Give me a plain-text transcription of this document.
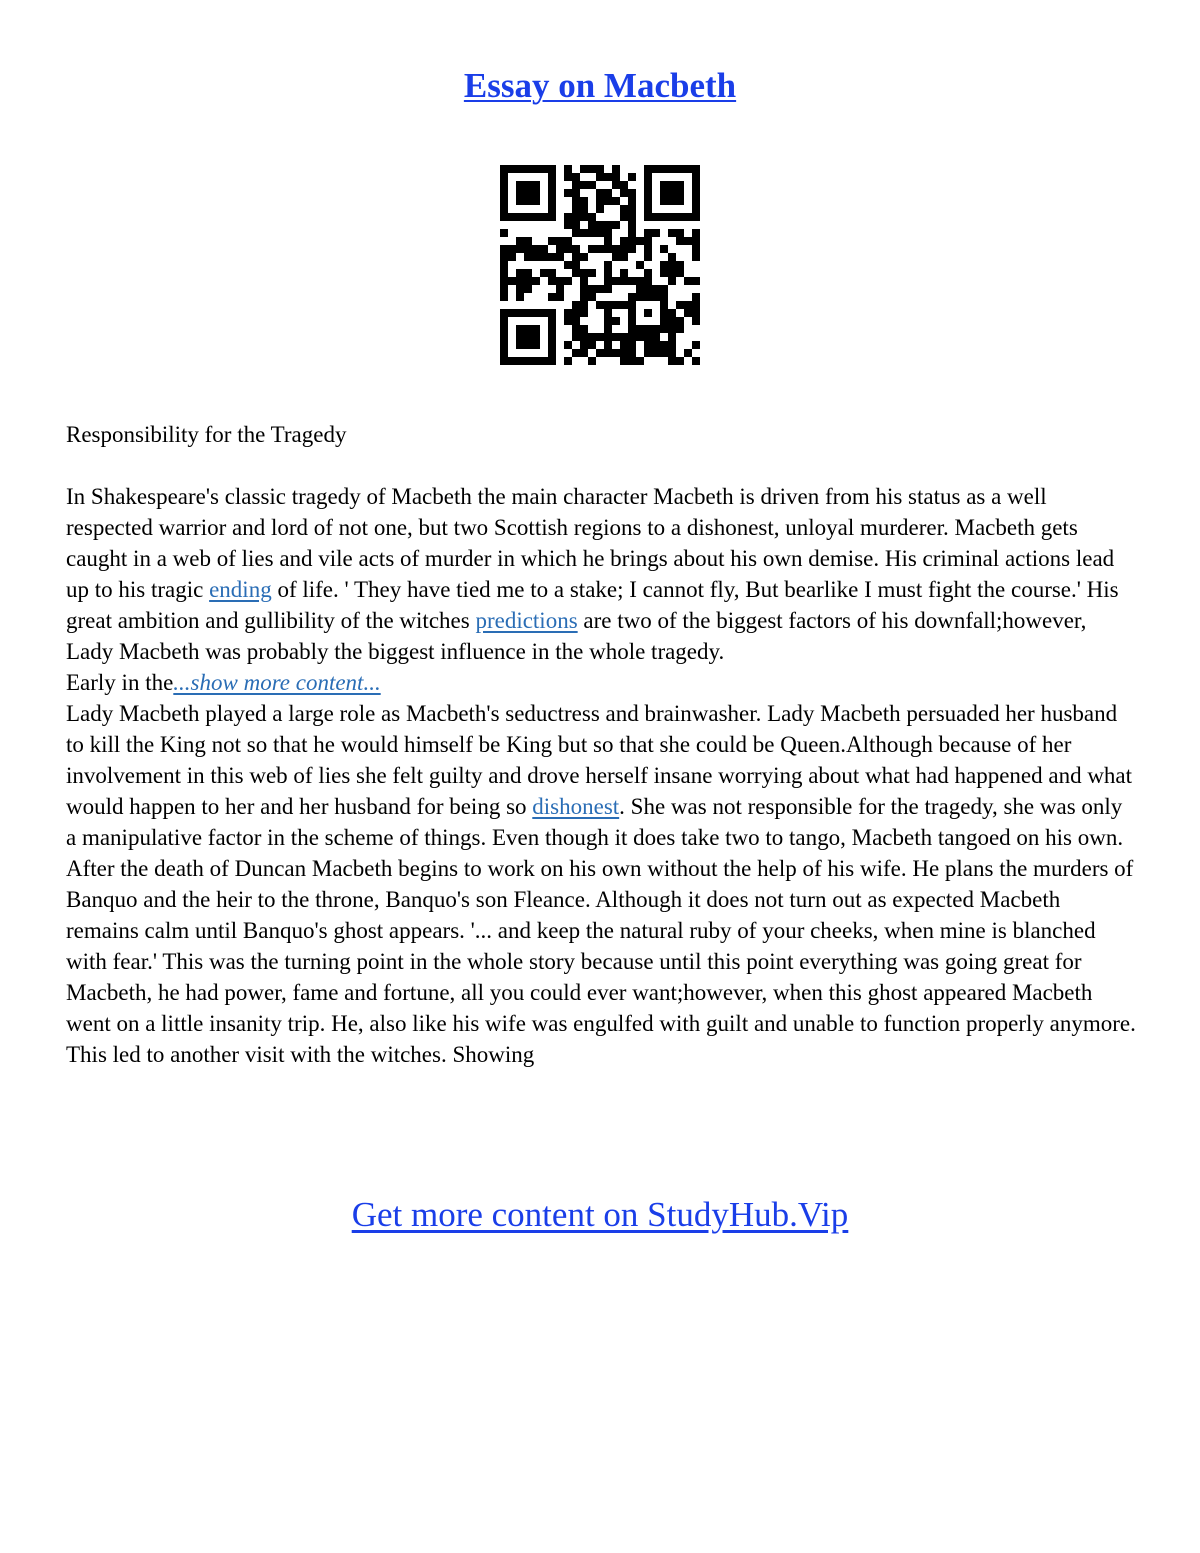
Essay on Macbeth

Responsibility for the Tragedy

In Shakespeare's classic tragedy of Macbeth the main character Macbeth is driven from his status as a well respected warrior and lord of not one, but two Scottish regions to a dishonest, unloyal murderer. Macbeth gets caught in a web of lies and vile acts of murder in which he brings about his own demise. His criminal actions lead up to his tragic ending of life. ' They have tied me to a stake; I cannot fly, But bearlike I must fight the course.' His great ambition and gullibility of the witches predictions are two of the biggest factors of his downfall;however, Lady Macbeth was probably the biggest influence in the whole tragedy.

Early in the...show more content...

Lady Macbeth played a large role as Macbeth's seductress and brainwasher. Lady Macbeth persuaded her husband to kill the King not so that he would himself be King but so that she could be Queen.Although because of her involvement in this web of lies she felt guilty and drove herself insane worrying about what had happened and what would happen to her and her husband for being so dishonest. She was not responsible for the tragedy, she was only a manipulative factor in the scheme of things. Even though it does take two to tango, Macbeth tangoed on his own.

After the death of Duncan Macbeth begins to work on his own without the help of his wife. He plans the murders of Banquo and the heir to the throne, Banquo's son Fleance. Although it does not turn out as expected Macbeth remains calm until Banquo's ghost appears. '... and keep the natural ruby of your cheeks, when mine is blanched with fear.' This was the turning point in the whole story because until this point everything was going great for Macbeth, he had power, fame and fortune, all you could ever want;however, when this ghost appeared Macbeth went on a little insanity trip. He, also like his wife was engulfed with guilt and unable to function properly anymore. This led to another visit with the witches. Showing

Get more content on StudyHub.Vip
